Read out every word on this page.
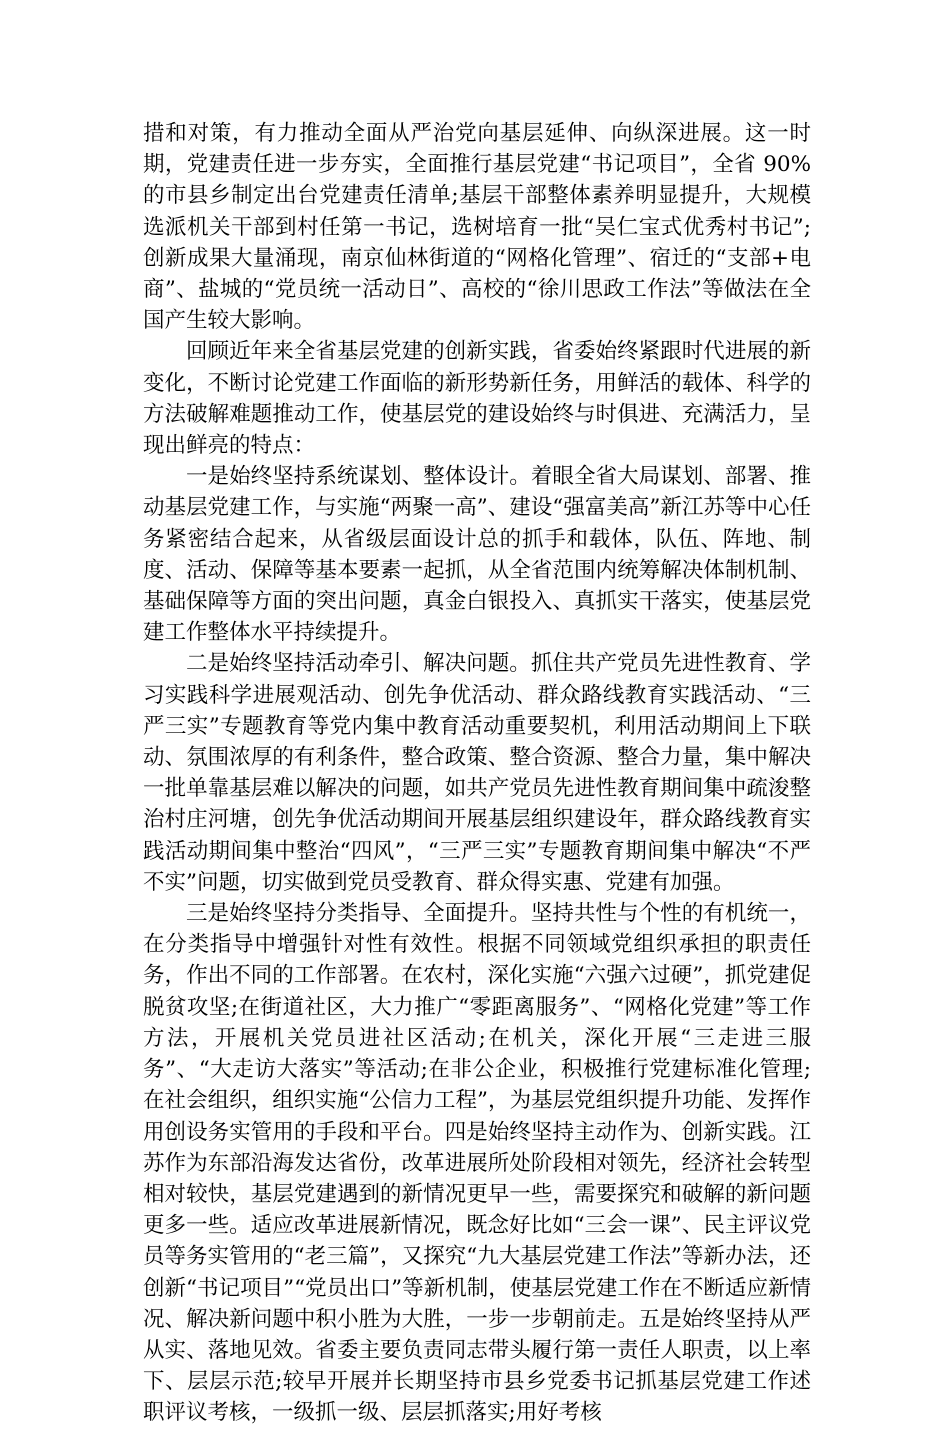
措和对策，有力推动全面从严治党向基层延伸、向纵深进展。这一时期，党建责任进一步夯实，全面推行基层党建“书记项目”，全省 90%的市县乡制定出台党建责任清单;基层干部整体素养明显提升，大规模选派机关干部到村任第一书记，选树培育一批“吴仁宝式优秀村书记”;创新成果大量涌现，南京仙林街道的“网格化管理”、宿迁的“支部+电商”、盐城的“党员统一活动日”、高校的“徐川思政工作法”等做法在全国产生较大影响。

回顾近年来全省基层党建的创新实践，省委始终紧跟时代进展的新变化，不断讨论党建工作面临的新形势新任务，用鲜活的载体、科学的方法破解难题推动工作，使基层党的建设始终与时俱进、充满活力，呈现出鲜亮的特点：

一是始终坚持系统谋划、整体设计。着眼全省大局谋划、部署、推动基层党建工作，与实施“两聚一高”、建设“强富美高”新江苏等中心任务紧密结合起来，从省级层面设计总的抓手和载体，队伍、阵地、制度、活动、保障等基本要素一起抓，从全省范围内统筹解决体制机制、基础保障等方面的突出问题，真金白银投入、真抓实干落实，使基层党建工作整体水平持续提升。

二是始终坚持活动牵引、解决问题。抓住共产党员先进性教育、学习实践科学进展观活动、创先争优活动、群众路线教育实践活动、“三严三实”专题教育等党内集中教育活动重要契机，利用活动期间上下联动、氛围浓厚的有利条件，整合政策、整合资源、整合力量，集中解决一批单靠基层难以解决的问题，如共产党员先进性教育期间集中疏浚整治村庄河塘，创先争优活动期间开展基层组织建设年，群众路线教育实践活动期间集中整治“四风”，“三严三实”专题教育期间集中解决“不严不实”问题，切实做到党员受教育、群众得实惠、党建有加强。

三是始终坚持分类指导、全面提升。坚持共性与个性的有机统一，在分类指导中增强针对性有效性。根据不同领域党组织承担的职责任务，作出不同的工作部署。在农村，深化实施“六强六过硬”，抓党建促脱贫攻坚;在街道社区，大力推广“零距离服务”、“网格化党建”等工作方法，开展机关党员进社区活动;在机关，深化开展“三走进三服务”、“大走访大落实”等活动;在非公企业，积极推行党建标准化管理;在社会组织，组织实施“公信力工程”，为基层党组织提升功能、发挥作用创设务实管用的手段和平台。四是始终坚持主动作为、创新实践。江苏作为东部沿海发达省份，改革进展所处阶段相对领先，经济社会转型相对较快，基层党建遇到的新情况更早一些，需要探究和破解的新问题更多一些。适应改革进展新情况，既念好比如“三会一课”、民主评议党员等务实管用的“老三篇”，又探究“九大基层党建工作法”等新办法，还创新“书记项目”“党员出口”等新机制，使基层党建工作在不断适应新情况、解决新问题中积小胜为大胜，一步一步朝前走。五是始终坚持从严从实、落地见效。省委主要负责同志带头履行第一责任人职责，以上率下、层层示范;较早开展并长期坚持市县乡党委书记抓基层党建工作述职评议考核，一级抓一级、层层抓落实;用好考核
